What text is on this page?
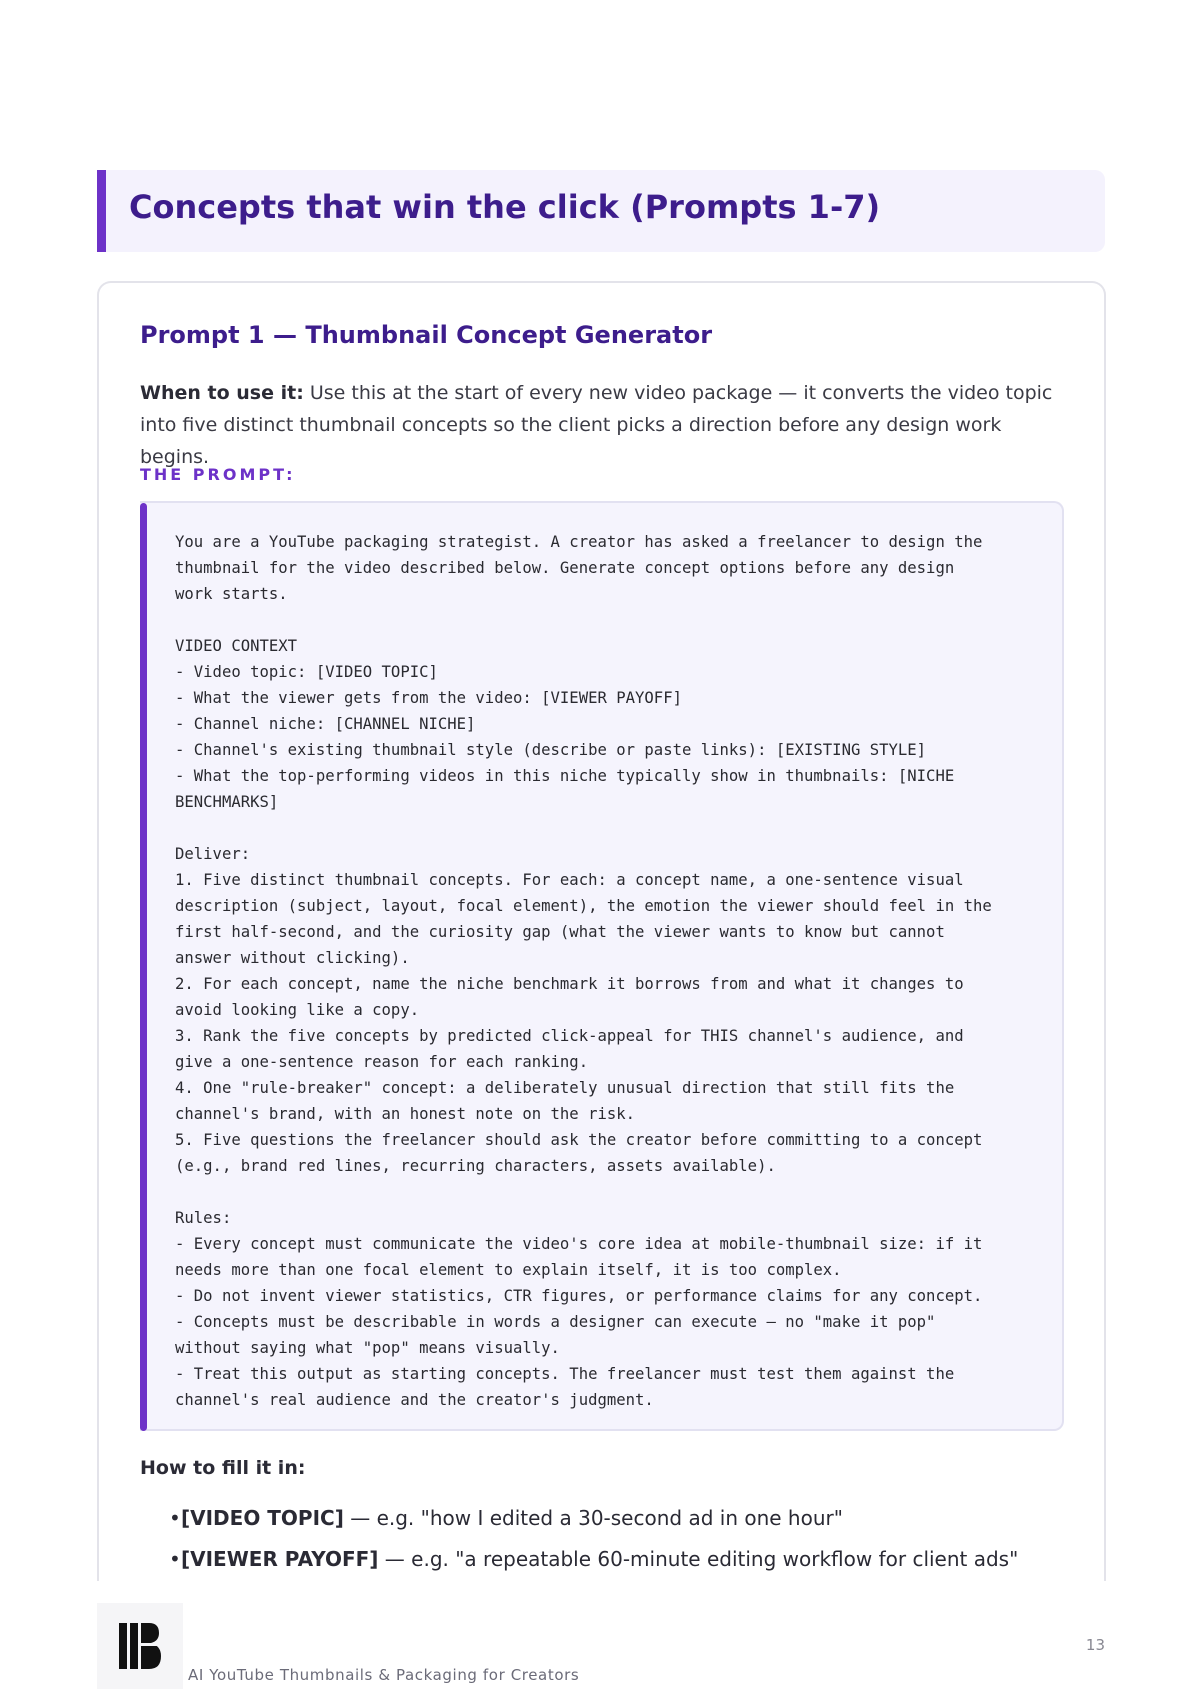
Concepts that win the click (Prompts 1-7)
Prompt 1 — Thumbnail Concept Generator

When to use it: Use this at the start of every new video package — it converts the video topic into five distinct thumbnail concepts so the client picks a direction before any design work begins.

THE PROMPT:
You are a YouTube packaging strategist. A creator has asked a freelancer to design the
thumbnail for the video described below. Generate concept options before any design
work starts.

VIDEO CONTEXT
- Video topic: [VIDEO TOPIC]
- What the viewer gets from the video: [VIEWER PAYOFF]
- Channel niche: [CHANNEL NICHE]
- Channel's existing thumbnail style (describe or paste links): [EXISTING STYLE]
- What the top-performing videos in this niche typically show in thumbnails: [NICHE
BENCHMARKS]

Deliver:
1. Five distinct thumbnail concepts. For each: a concept name, a one-sentence visual
description (subject, layout, focal element), the emotion the viewer should feel in the
first half-second, and the curiosity gap (what the viewer wants to know but cannot
answer without clicking).
2. For each concept, name the niche benchmark it borrows from and what it changes to
avoid looking like a copy.
3. Rank the five concepts by predicted click-appeal for THIS channel's audience, and
give a one-sentence reason for each ranking.
4. One "rule-breaker" concept: a deliberately unusual direction that still fits the
channel's brand, with an honest note on the risk.
5. Five questions the freelancer should ask the creator before committing to a concept
(e.g., brand red lines, recurring characters, assets available).

Rules:
- Every concept must communicate the video's core idea at mobile-thumbnail size: if it
needs more than one focal element to explain itself, it is too complex.
- Do not invent viewer statistics, CTR figures, or performance claims for any concept.
- Concepts must be describable in words a designer can execute — no "make it pop"
without saying what "pop" means visually.
- Treat this output as starting concepts. The freelancer must test them against the
channel's real audience and the creator's judgment.
How to fill it in:
•[VIDEO TOPIC] — e.g. "how I edited a 30-second ad in one hour"
•[VIEWER PAYOFF] — e.g. "a repeatable 60-minute editing workflow for client ads"
AI YouTube Thumbnails & Packaging for Creators
13
